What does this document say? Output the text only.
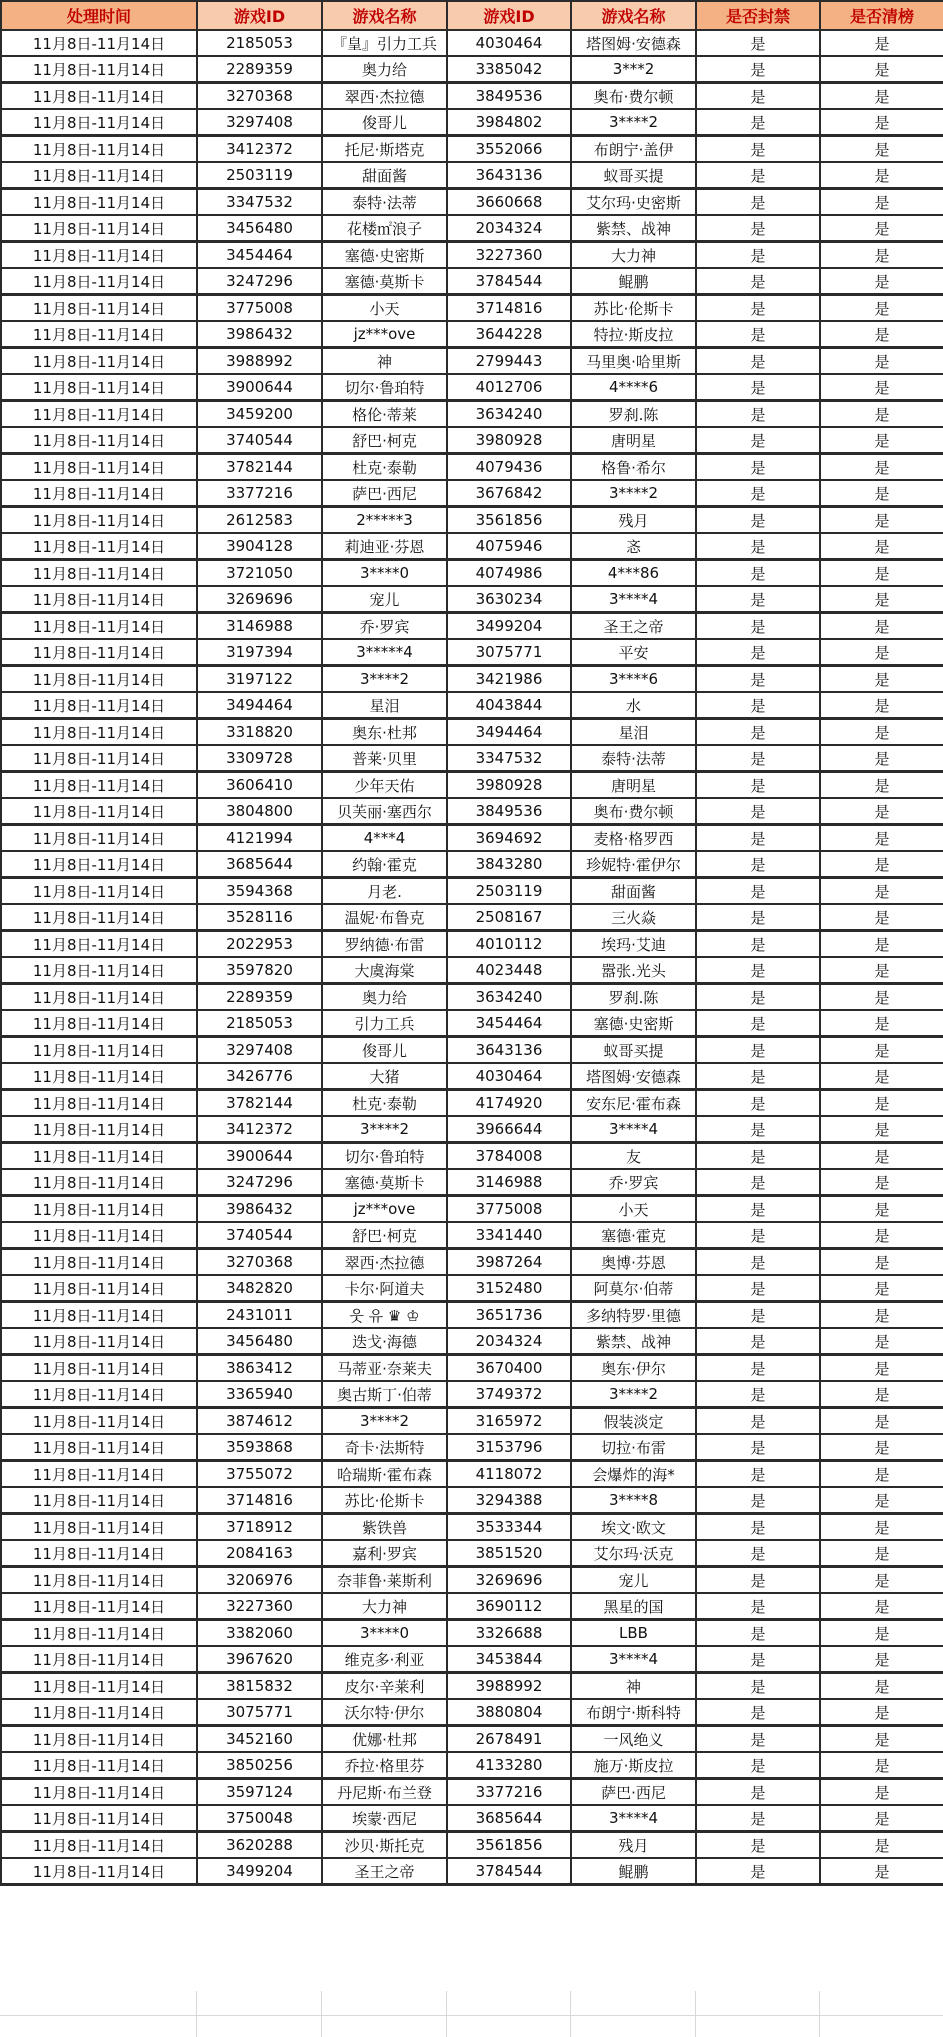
处理时间	游戏ID	游戏名称	游戏ID	游戏名称	是否封禁	是否清榜
11月8日-11月14日	2185053	『皇』引力工兵	4030464	塔图姆·安德森	是	是
11月8日-11月14日	2289359	奥力给	3385042	3***2	是	是
11月8日-11月14日	3270368	翠西·杰拉德	3849536	奥布·费尔顿	是	是
11月8日-11月14日	3297408	俊哥儿	3984802	3****2	是	是
11月8日-11月14日	3412372	托尼·斯塔克	3552066	布朗宁·盖伊	是	是
11月8日-11月14日	2503119	甜面酱	3643136	蚁哥买提	是	是
11月8日-11月14日	3347532	泰特·法蒂	3660668	艾尔玛·史密斯	是	是
11月8日-11月14日	3456480	花楼㎡浪子	2034324	紫禁、战神	是	是
11月8日-11月14日	3454464	塞德·史密斯	3227360	大力神	是	是
11月8日-11月14日	3247296	塞德·莫斯卡	3784544	鲲鹏	是	是
11月8日-11月14日	3775008	小天	3714816	苏比·伦斯卡	是	是
11月8日-11月14日	3986432	jz***ove	3644228	特拉·斯皮拉	是	是
11月8日-11月14日	3988992	神	2799443	马里奥·哈里斯	是	是
11月8日-11月14日	3900644	切尔·鲁珀特	4012706	4****6	是	是
11月8日-11月14日	3459200	格伦·蒂莱	3634240	罗刹.陈	是	是
11月8日-11月14日	3740544	舒巴·柯克	3980928	唐明星	是	是
11月8日-11月14日	3782144	杜克·泰勒	4079436	格鲁·希尔	是	是
11月8日-11月14日	3377216	萨巴·西尼	3676842	3****2	是	是
11月8日-11月14日	2612583	2*****3	3561856	残月	是	是
11月8日-11月14日	3904128	莉迪亚·芬恩	4075946	忞	是	是
11月8日-11月14日	3721050	3****0	4074986	4***86	是	是
11月8日-11月14日	3269696	宠儿	3630234	3****4	是	是
11月8日-11月14日	3146988	乔·罗宾	3499204	圣王之帝	是	是
11月8日-11月14日	3197394	3*****4	3075771	平安	是	是
11月8日-11月14日	3197122	3****2	3421986	3****6	是	是
11月8日-11月14日	3494464	星泪	4043844	水	是	是
11月8日-11月14日	3318820	奥东·杜邦	3494464	星泪	是	是
11月8日-11月14日	3309728	普莱·贝里	3347532	泰特·法蒂	是	是
11月8日-11月14日	3606410	少年天佑	3980928	唐明星	是	是
11月8日-11月14日	3804800	贝芙丽·塞西尔	3849536	奥布·费尔顿	是	是
11月8日-11月14日	4121994	4***4	3694692	麦格·格罗西	是	是
11月8日-11月14日	3685644	约翰·霍克	3843280	珍妮特·霍伊尔	是	是
11月8日-11月14日	3594368	月老.	2503119	甜面酱	是	是
11月8日-11月14日	3528116	温妮·布鲁克	2508167	三火焱	是	是
11月8日-11月14日	2022953	罗纳德·布雷	4010112	埃玛·艾迪	是	是
11月8日-11月14日	3597820	大虞海棠	4023448	嚣张.光头	是	是
11月8日-11月14日	2289359	奥力给	3634240	罗刹.陈	是	是
11月8日-11月14日	2185053	引力工兵	3454464	塞德·史密斯	是	是
11月8日-11月14日	3297408	俊哥儿	3643136	蚁哥买提	是	是
11月8日-11月14日	3426776	大猪	4030464	塔图姆·安德森	是	是
11月8日-11月14日	3782144	杜克·泰勒	4174920	安东尼·霍布森	是	是
11月8日-11月14日	3412372	3****2	3966644	3****4	是	是
11月8日-11月14日	3900644	切尔·鲁珀特	3784008	友	是	是
11月8日-11月14日	3247296	塞德·莫斯卡	3146988	乔·罗宾	是	是
11月8日-11月14日	3986432	jz***ove	3775008	小天	是	是
11月8日-11月14日	3740544	舒巴·柯克	3341440	塞德·霍克	是	是
11月8日-11月14日	3270368	翠西·杰拉德	3987264	奥博·芬恩	是	是
11月8日-11月14日	3482820	卡尔·阿道夫	3152480	阿莫尔·伯蒂	是	是
11月8日-11月14日	2431011	웃 유 ♛ ♔	3651736	多纳特罗·里德	是	是
11月8日-11月14日	3456480	迭戈·海德	2034324	紫禁、战神	是	是
11月8日-11月14日	3863412	马蒂亚·奈莱夫	3670400	奥东·伊尔	是	是
11月8日-11月14日	3365940	奥古斯丁·伯蒂	3749372	3****2	是	是
11月8日-11月14日	3874612	3****2	3165972	假装淡定	是	是
11月8日-11月14日	3593868	奇卡·法斯特	3153796	切拉·布雷	是	是
11月8日-11月14日	3755072	哈瑞斯·霍布森	4118072	会爆炸的海*	是	是
11月8日-11月14日	3714816	苏比·伦斯卡	3294388	3****8	是	是
11月8日-11月14日	3718912	紫铁兽	3533344	埃文·欧文	是	是
11月8日-11月14日	2084163	嘉利·罗宾	3851520	艾尔玛·沃克	是	是
11月8日-11月14日	3206976	奈菲鲁·莱斯利	3269696	宠儿	是	是
11月8日-11月14日	3227360	大力神	3690112	黑星的国	是	是
11月8日-11月14日	3382060	3****0	3326688	LBB	是	是
11月8日-11月14日	3967620	维克多·利亚	3453844	3****4	是	是
11月8日-11月14日	3815832	皮尔·辛莱利	3988992	神	是	是
11月8日-11月14日	3075771	沃尔特·伊尔	3880804	布朗宁·斯科特	是	是
11月8日-11月14日	3452160	优娜·杜邦	2678491	一风绝义	是	是
11月8日-11月14日	3850256	乔拉·格里芬	4133280	施万·斯皮拉	是	是
11月8日-11月14日	3597124	丹尼斯·布兰登	3377216	萨巴·西尼	是	是
11月8日-11月14日	3750048	埃蒙·西尼	3685644	3****4	是	是
11月8日-11月14日	3620288	沙贝·斯托克	3561856	残月	是	是
11月8日-11月14日	3499204	圣王之帝	3784544	鲲鹏	是	是
